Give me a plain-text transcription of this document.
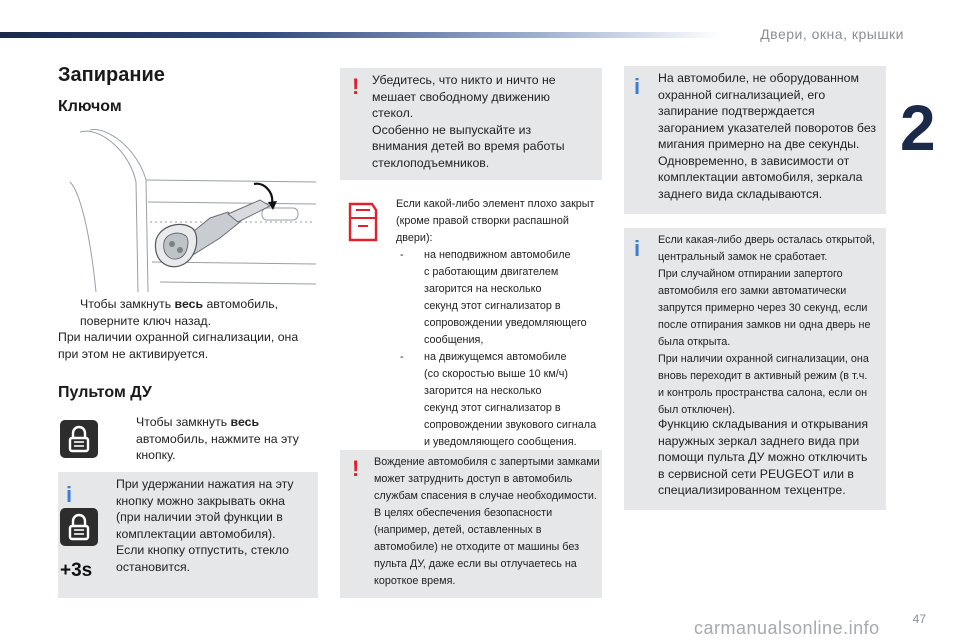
Двери, окна, крышки
2
Запирание
Ключом
Чтобы замкнуть весь автомобиль,
поверните ключ назад.
При наличии охранной сигнализации, она
при этом не активируется.
Пультом ДУ
Чтобы замкнуть весь
автомобиль, нажмите на эту
кнопку.
i
+3s
При удержании нажатия на эту
кнопку можно закрывать окна
(при наличии этой функции в
комплектации автомобиля).
Если кнопку отпустить, стекло
остановится.
! Убедитесь, что никто и ничто не
мешает свободному движению
стекол.
Особенно не выпускайте из
внимания детей во время работы
стеклоподъемников.
Если какой-либо элемент плохо закрыт
(кроме правой створки распашной
двери):
-	на неподвижном автомобиле
с работающим двигателем
загорится на несколько
секунд этот сигнализатор в
сопровождении уведомляющего
сообщения,
-	на движущемся автомобиле
(со скоростью выше 10 км/ч)
загорится на несколько
секунд этот сигнализатор в
сопровождении звукового сигнала
и уведомляющего сообщения.
! Вождение автомобиля с запертыми замками
может затруднить доступ в автомобиль
службам спасения в случае необходимости.
В целях обеспечения безопасности
(например, детей, оставленных в
автомобиле) не отходите от машины без
пульта ДУ, даже если вы отлучаетесь на
короткое время.
i На автомобиле, не оборудованном
охранной сигнализацией, его
запирание подтверждается
загоранием указателей поворотов без
мигания примерно на две секунды.
Одновременно, в зависимости от
комплектации автомобиля, зеркала
заднего вида складываются.
i Если какая-либо дверь осталась открытой,
центральный замок не сработает.
При случайном отпирании запертого
автомобиля его замки автоматически
запрутся примерно через 30 секунд, если
после отпирания замков ни одна дверь не
была открыта.
При наличии охранной сигнализации, она
вновь переходит в активный режим (в т.ч.
и контроль пространства салона, если он
был отключен).
Функцию складывания и открывания
наружных зеркал заднего вида при
помощи пульта ДУ можно отключить
в сервисной сети PEUGEOT или в
специализированном техцентре.
carmanualsonline.info	47
